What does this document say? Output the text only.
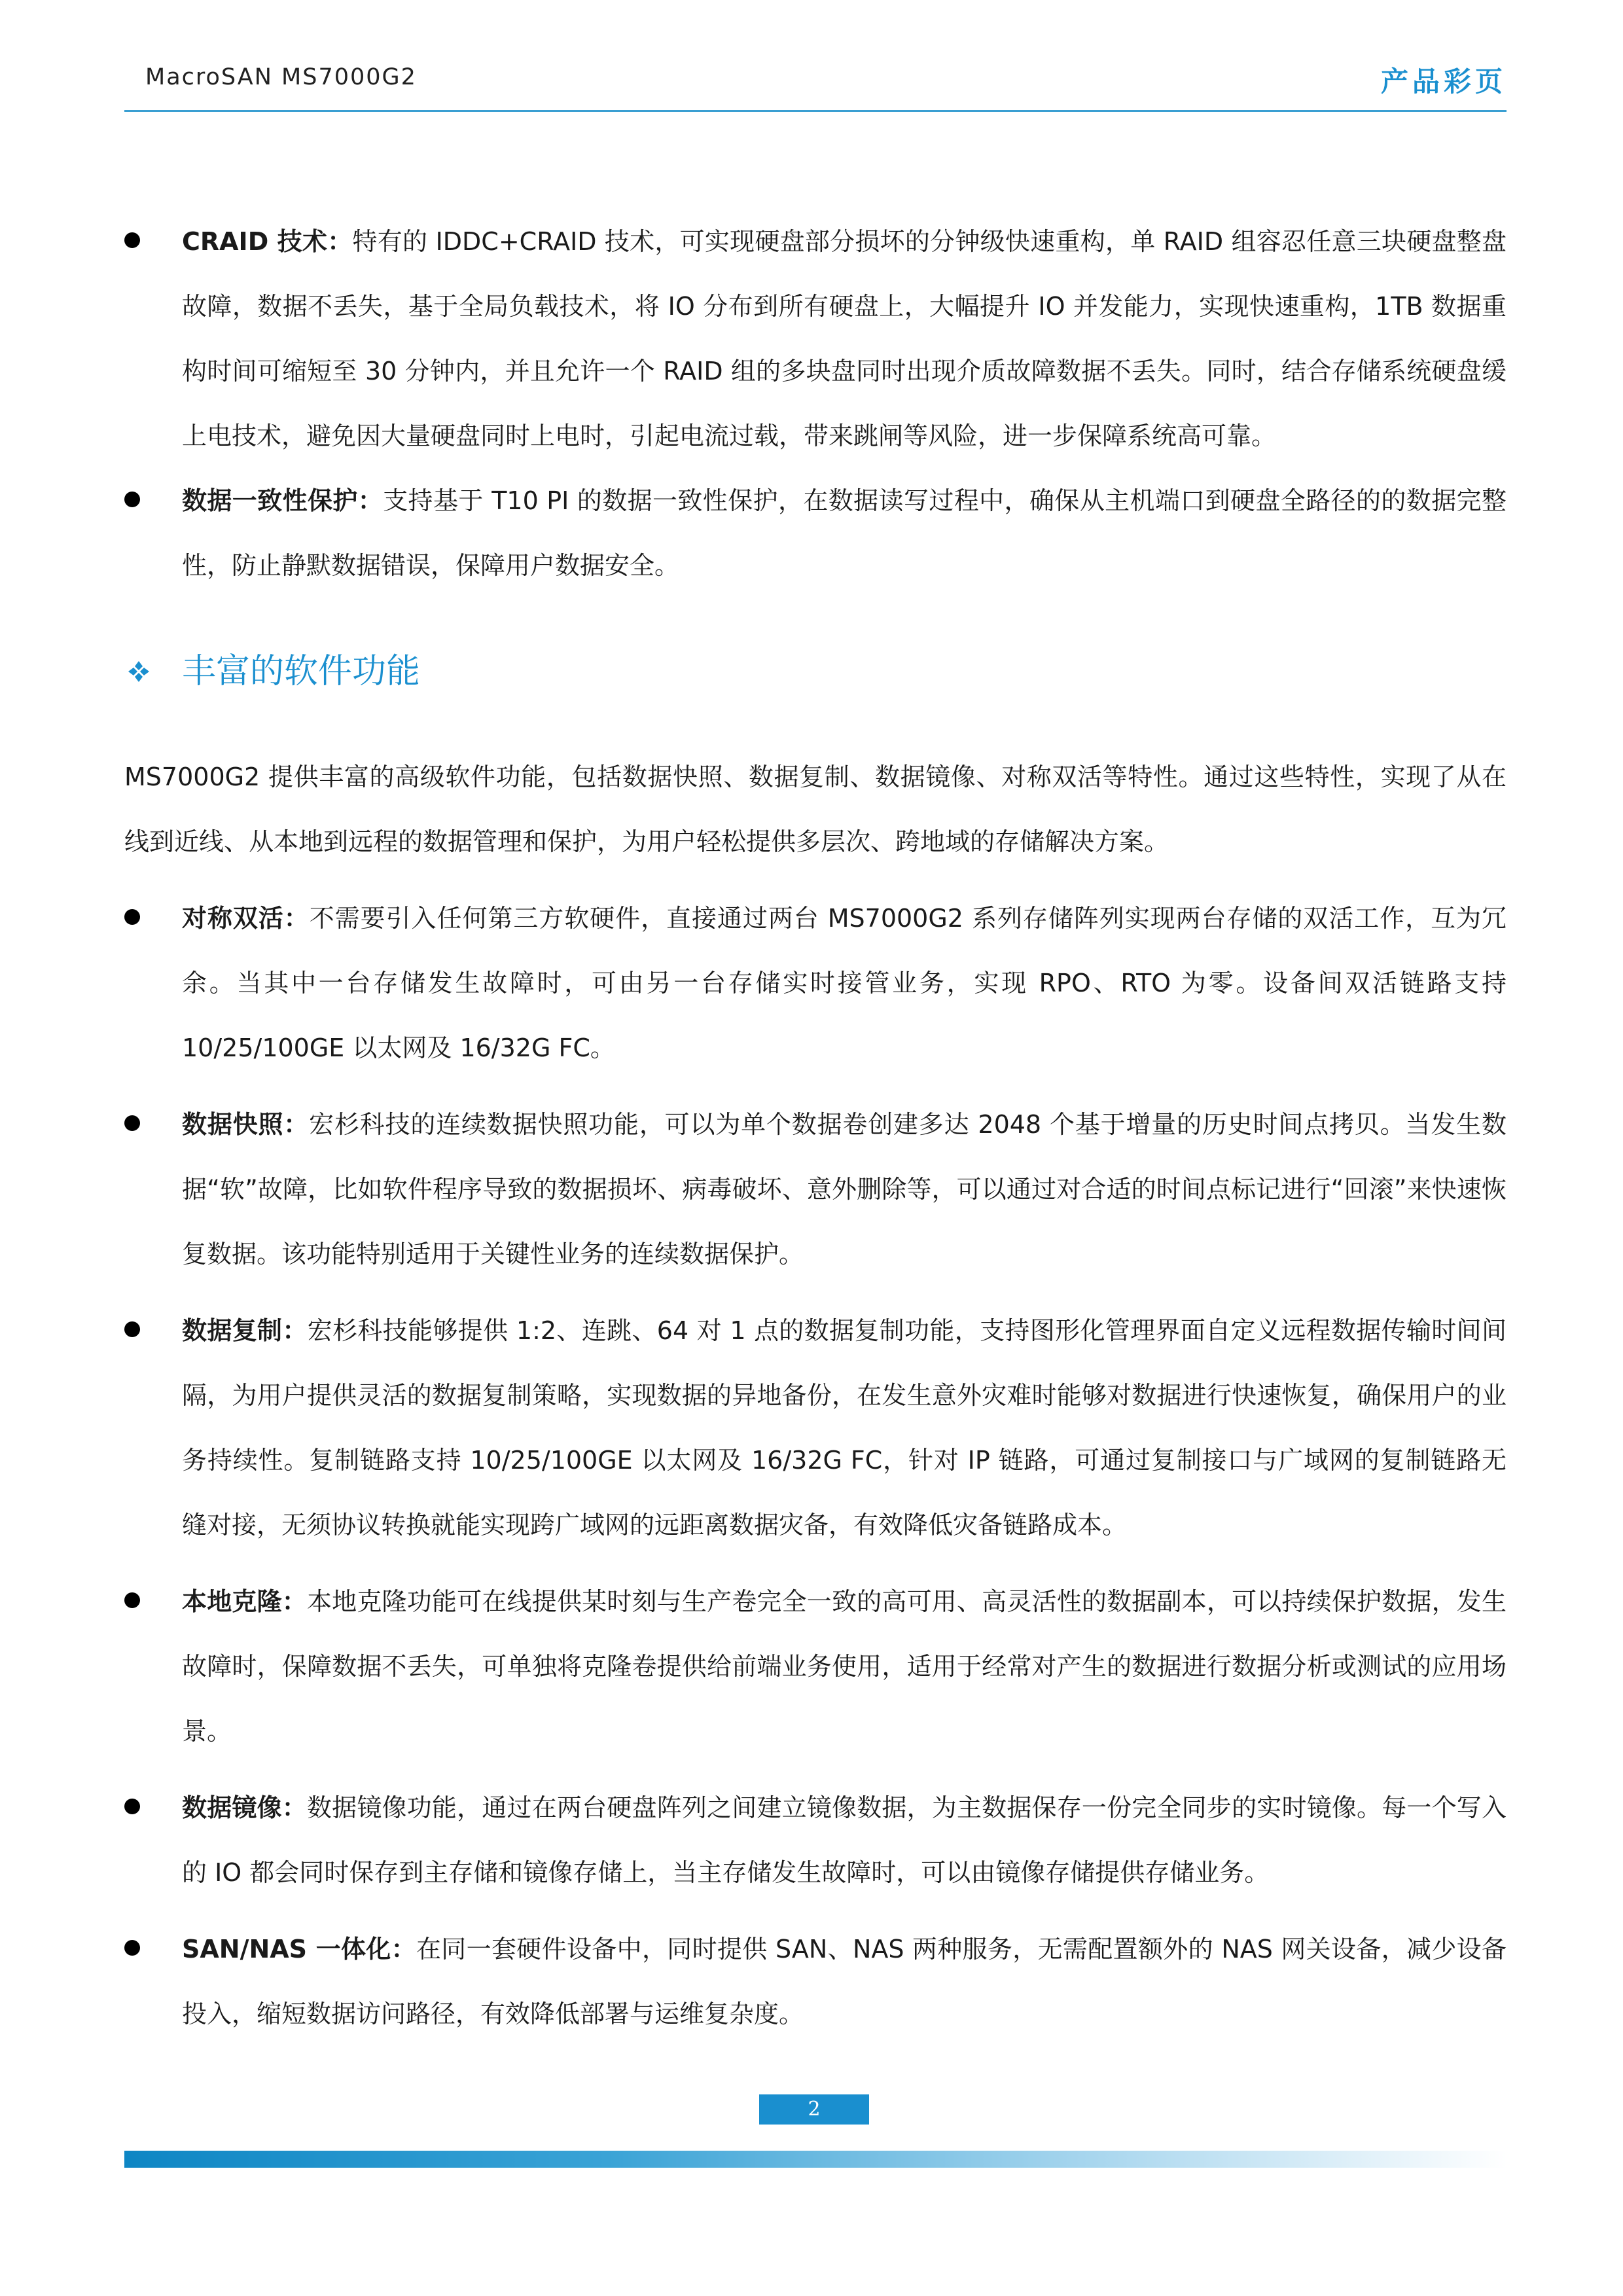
MacroSAN MS7000G2	产品彩页
CRAID 技术：特有的 IDDC+CRAID 技术，可实现硬盘部分损坏的分钟级快速重构，单 RAID 组容忍任意三块硬盘整盘故障，数据不丢失，基于全局负载技术，将 IO 分布到所有硬盘上，大幅提升 IO 并发能力，实现快速重构，1TB 数据重构时间可缩短至 30 分钟内，并且允许一个 RAID 组的多块盘同时出现介质故障数据不丢失。同时，结合存储系统硬盘缓上电技术，避免因大量硬盘同时上电时，引起电流过载，带来跳闸等风险，进一步保障系统高可靠。
数据一致性保护：支持基于 T10 PI 的数据一致性保护，在数据读写过程中，确保从主机端口到硬盘全路径的的数据完整性，防止静默数据错误，保障用户数据安全。
丰富的软件功能
MS7000G2 提供丰富的高级软件功能，包括数据快照、数据复制、数据镜像、对称双活等特性。通过这些特性，实现了从在线到近线、从本地到远程的数据管理和保护，为用户轻松提供多层次、跨地域的存储解决方案。
对称双活：不需要引入任何第三方软硬件，直接通过两台 MS7000G2 系列存储阵列实现两台存储的双活工作，互为冗余。当其中一台存储发生故障时，可由另一台存储实时接管业务，实现 RPO、RTO 为零。设备间双活链路支持 10/25/100GE 以太网及 16/32G FC。
数据快照：宏杉科技的连续数据快照功能，可以为单个数据卷创建多达 2048 个基于增量的历史时间点拷贝。当发生数据“软”故障，比如软件程序导致的数据损坏、病毒破坏、意外删除等，可以通过对合适的时间点标记进行“回滚”来快速恢复数据。该功能特别适用于关键性业务的连续数据保护。
数据复制：宏杉科技能够提供 1:2、连跳、64 对 1 点的数据复制功能，支持图形化管理界面自定义远程数据传输时间间隔，为用户提供灵活的数据复制策略，实现数据的异地备份，在发生意外灾难时能够对数据进行快速恢复，确保用户的业务持续性。复制链路支持 10/25/100GE 以太网及 16/32G FC，针对 IP 链路，可通过复制接口与广域网的复制链路无缝对接，无须协议转换就能实现跨广域网的远距离数据灾备，有效降低灾备链路成本。
本地克隆：本地克隆功能可在线提供某时刻与生产卷完全一致的高可用、高灵活性的数据副本，可以持续保护数据，发生故障时，保障数据不丢失，可单独将克隆卷提供给前端业务使用，适用于经常对产生的数据进行数据分析或测试的应用场景。
数据镜像：数据镜像功能，通过在两台硬盘阵列之间建立镜像数据，为主数据保存一份完全同步的实时镜像。每一个写入的 IO 都会同时保存到主存储和镜像存储上，当主存储发生故障时，可以由镜像存储提供存储业务。
SAN/NAS 一体化：在同一套硬件设备中，同时提供 SAN、NAS 两种服务，无需配置额外的 NAS 网关设备，减少设备投入，缩短数据访问路径，有效降低部署与运维复杂度。
2
